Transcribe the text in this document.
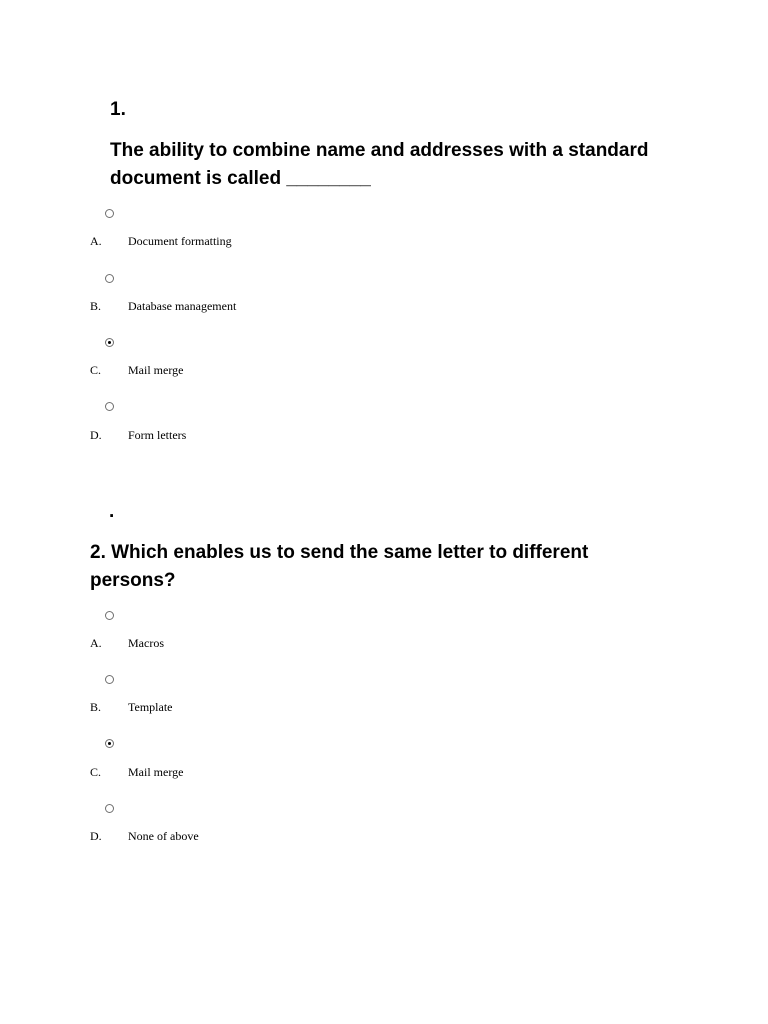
1.
The ability to combine name and addresses with a standard document is called ________
A. Document formatting
B. Database management
C. Mail merge
D. Form letters
.
2. Which enables us to send the same letter to different persons?
A. Macros
B. Template
C. Mail merge
D. None of above
